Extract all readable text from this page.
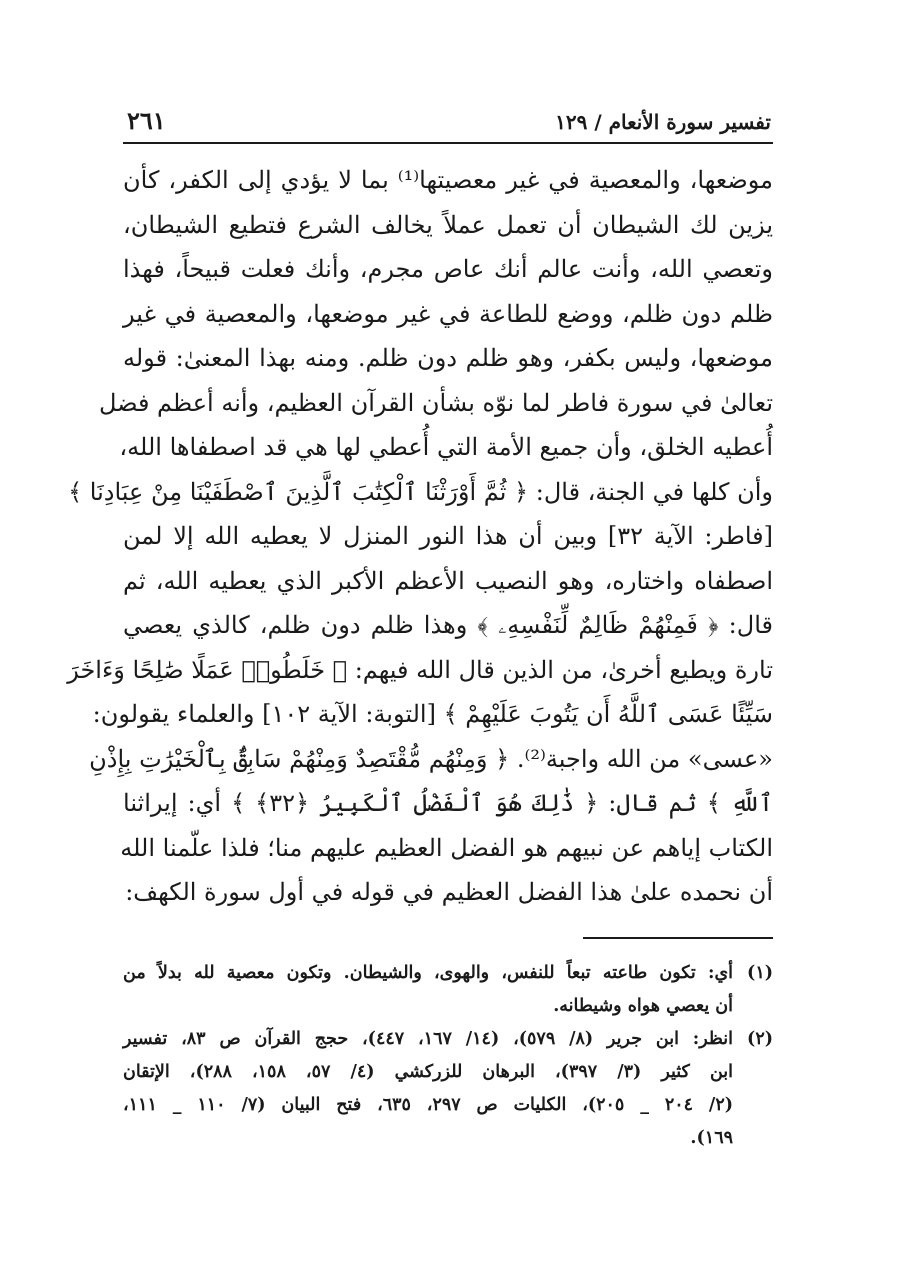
تفسير سورة الأنعام / ١٢٩
٢٦١
موضعها، والمعصية في غير معصيتها⁽¹⁾ بما لا يؤدي إلى الكفر، كأن
يزين لك الشيطان أن تعمل عملاً يخالف الشرع فتطيع الشيطان،
وتعصي الله، وأنت عالم أنك عاص مجرم، وأنك فعلت قبيحاً، فهذا
ظلم دون ظلم، ووضع للطاعة في غير موضعها، والمعصية في غير
موضعها، وليس بكفر، وهو ظلم دون ظلم. ومنه بهذا المعنىٰ: قوله
تعالىٰ في سورة فاطر لما نوّه بشأن القرآن العظيم، وأنه أعظم فضل
أُعطيه الخلق، وأن جميع الأمة التي أُعطي لها هي قد اصطفاها الله،
وأن كلها في الجنة، قال: ﴿ ثُمَّ أَوْرَثْنَا ٱلْكِتَٰبَ ٱلَّذِينَ ٱصْطَفَيْنَا مِنْ عِبَادِنَا ﴾
[فاطر: الآية ٣٢] وبين أن هذا النور المنزل لا يعطيه الله إلا لمن
اصطفاه واختاره، وهو النصيب الأعظم الأكبر الذي يعطيه الله، ثم
قال: ﴿ فَمِنْهُمْ ظَالِمٌ لِّنَفْسِهِۦ ﴾ وهذا ظلم دون ظلم، كالذي يعصي
تارة ويطيع أخرىٰ، من الذين قال الله فيهم: ﴿ خَلَطُوا۟ عَمَلًا صَٰلِحًا وَءَاخَرَ
سَيِّئًا عَسَى ٱللَّهُ أَن يَتُوبَ عَلَيْهِمْ ﴾ [التوبة: الآية ١٠٢] والعلماء يقولون:
«عسى» من الله واجبة⁽²⁾. ﴿ وَمِنْهُم مُّقْتَصِدٌ وَمِنْهُمْ سَابِقٌۢ بِٱلْخَيْرَٰتِ بِإِذْنِ
ٱللَّهِ ﴾ ثم قال: ﴿ ذَٰلِكَ هُوَ ٱلْفَضْلُ ٱلْكَبِيرُ ﴿٣٢﴾ ﴾ أي: إيراثنا
الكتاب إياهم عن نبيهم هو الفضل العظيم عليهم منا؛ فلذا علّمنا الله
أن نحمده علىٰ هذا الفضل العظيم في قوله في أول سورة الكهف:
(١)
أي: تكون طاعته تبعاً للنفس، والهوى، والشيطان. وتكون معصية لله بدلاً من
أن يعصي هواه وشيطانه.
(٢)
انظر: ابن جرير (٨/ ٥٧٩)، (١٤/ ١٦٧، ٤٤٧)، حجج القرآن ص ٨٣، تفسير
ابن كثير (٣/ ٣٩٧)، البرهان للزركشي (٤/ ٥٧، ١٥٨، ٢٨٨)، الإتقان
(٢/ ٢٠٤ _ ٢٠٥)، الكليات ص ٢٩٧، ٦٣٥، فتح البيان (٧/ ١١٠ _ ١١١،
١٦٩).
